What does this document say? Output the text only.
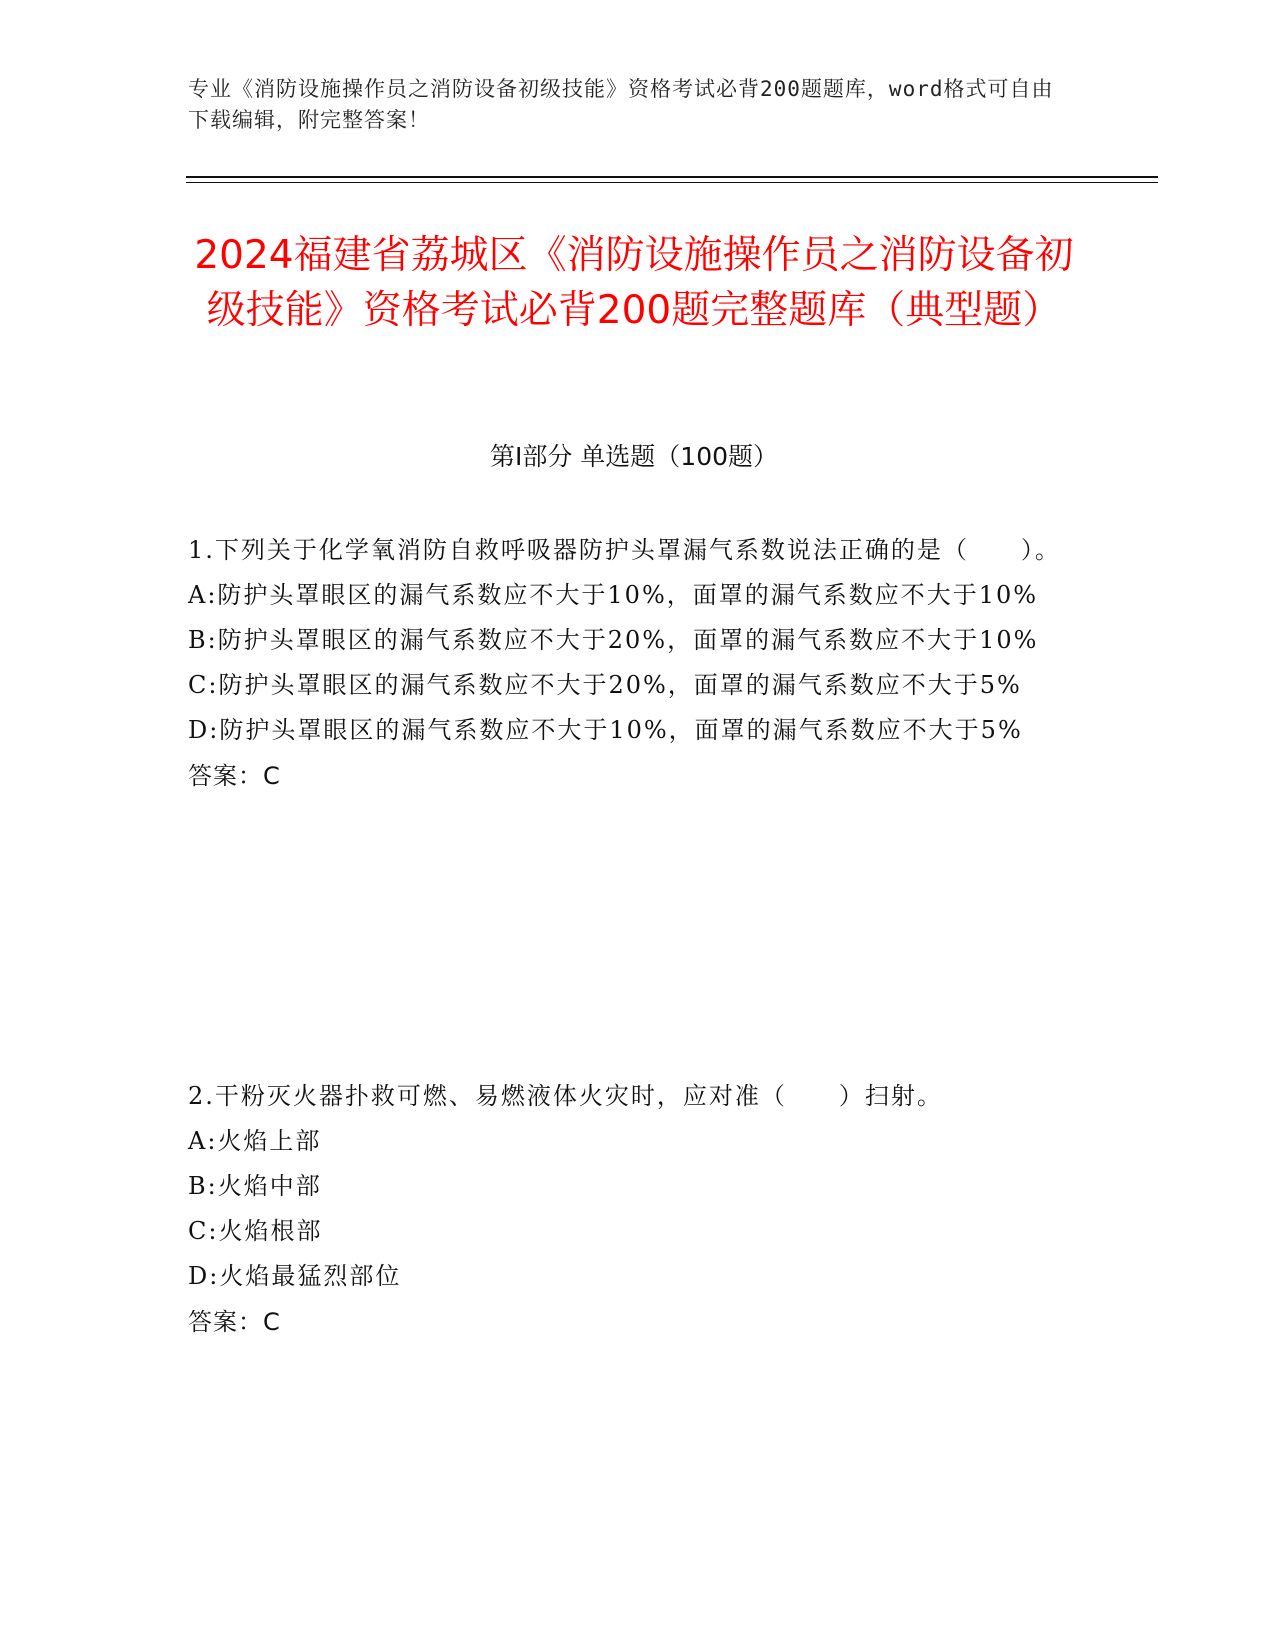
专业《消防设施操作员之消防设备初级技能》资格考试必背200题题库，word格式可自由下载编辑，附完整答案！
2024福建省荔城区《消防设施操作员之消防设备初级技能》资格考试必背200题完整题库（典型题）
第Ⅰ部分 单选题（100题）
1.下列关于化学氧消防自救呼吸器防护头罩漏气系数说法正确的是（　　）。
A:防护头罩眼区的漏气系数应不大于10%，面罩的漏气系数应不大于10%
B:防护头罩眼区的漏气系数应不大于20%，面罩的漏气系数应不大于10%
C:防护头罩眼区的漏气系数应不大于20%，面罩的漏气系数应不大于5%
D:防护头罩眼区的漏气系数应不大于10%，面罩的漏气系数应不大于5%
答案：C
2.干粉灭火器扑救可燃、易燃液体火灾时，应对准（　　）扫射。
A:火焰上部
B:火焰中部
C:火焰根部
D:火焰最猛烈部位
答案：C
